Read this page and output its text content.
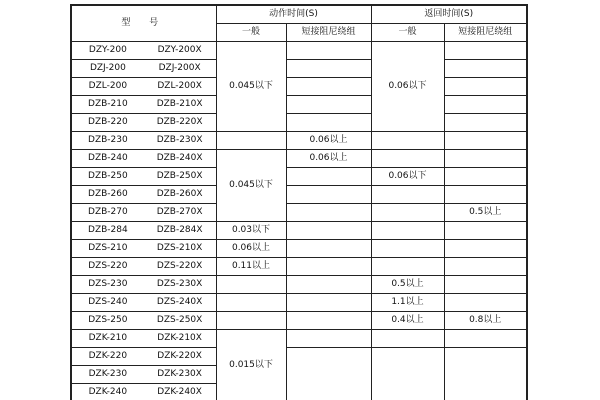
型 号	动作时间(S)		返回时间(S)	
	一般	短接阻尼绕组	一般	短接阻尼绕组

DZY-200 DZY-200X	0.045以下		0.06以下	

DZJ-200 DZJ-200X				

DZL-200 DZL-200X				

DZB-210 DZB-210X				

DZB-220 DZB-220X				

DZB-230 DZB-230X		0.06以上		

DZB-240 DZB-240X	0.045以下	0.06以上		

DZB-250 DZB-250X			0.06以下	

DZB-260 DZB-260X				

DZB-270 DZB-270X				0.5以上

DZB-284 DZB-284X	0.03以下			

DZS-210 DZS-210X	0.06以上			

DZS-220 DZS-220X	0.11以上			

DZS-230 DZS-230X			0.5以上	

DZS-240 DZS-240X			1.1以上	

DZS-250 DZS-250X			0.4以上	0.8以上

DZK-210 DZK-210X	0.015以下			

DZK-220 DZK-220X				

DZK-230 DZK-230X				

DZK-240 DZK-240X				
